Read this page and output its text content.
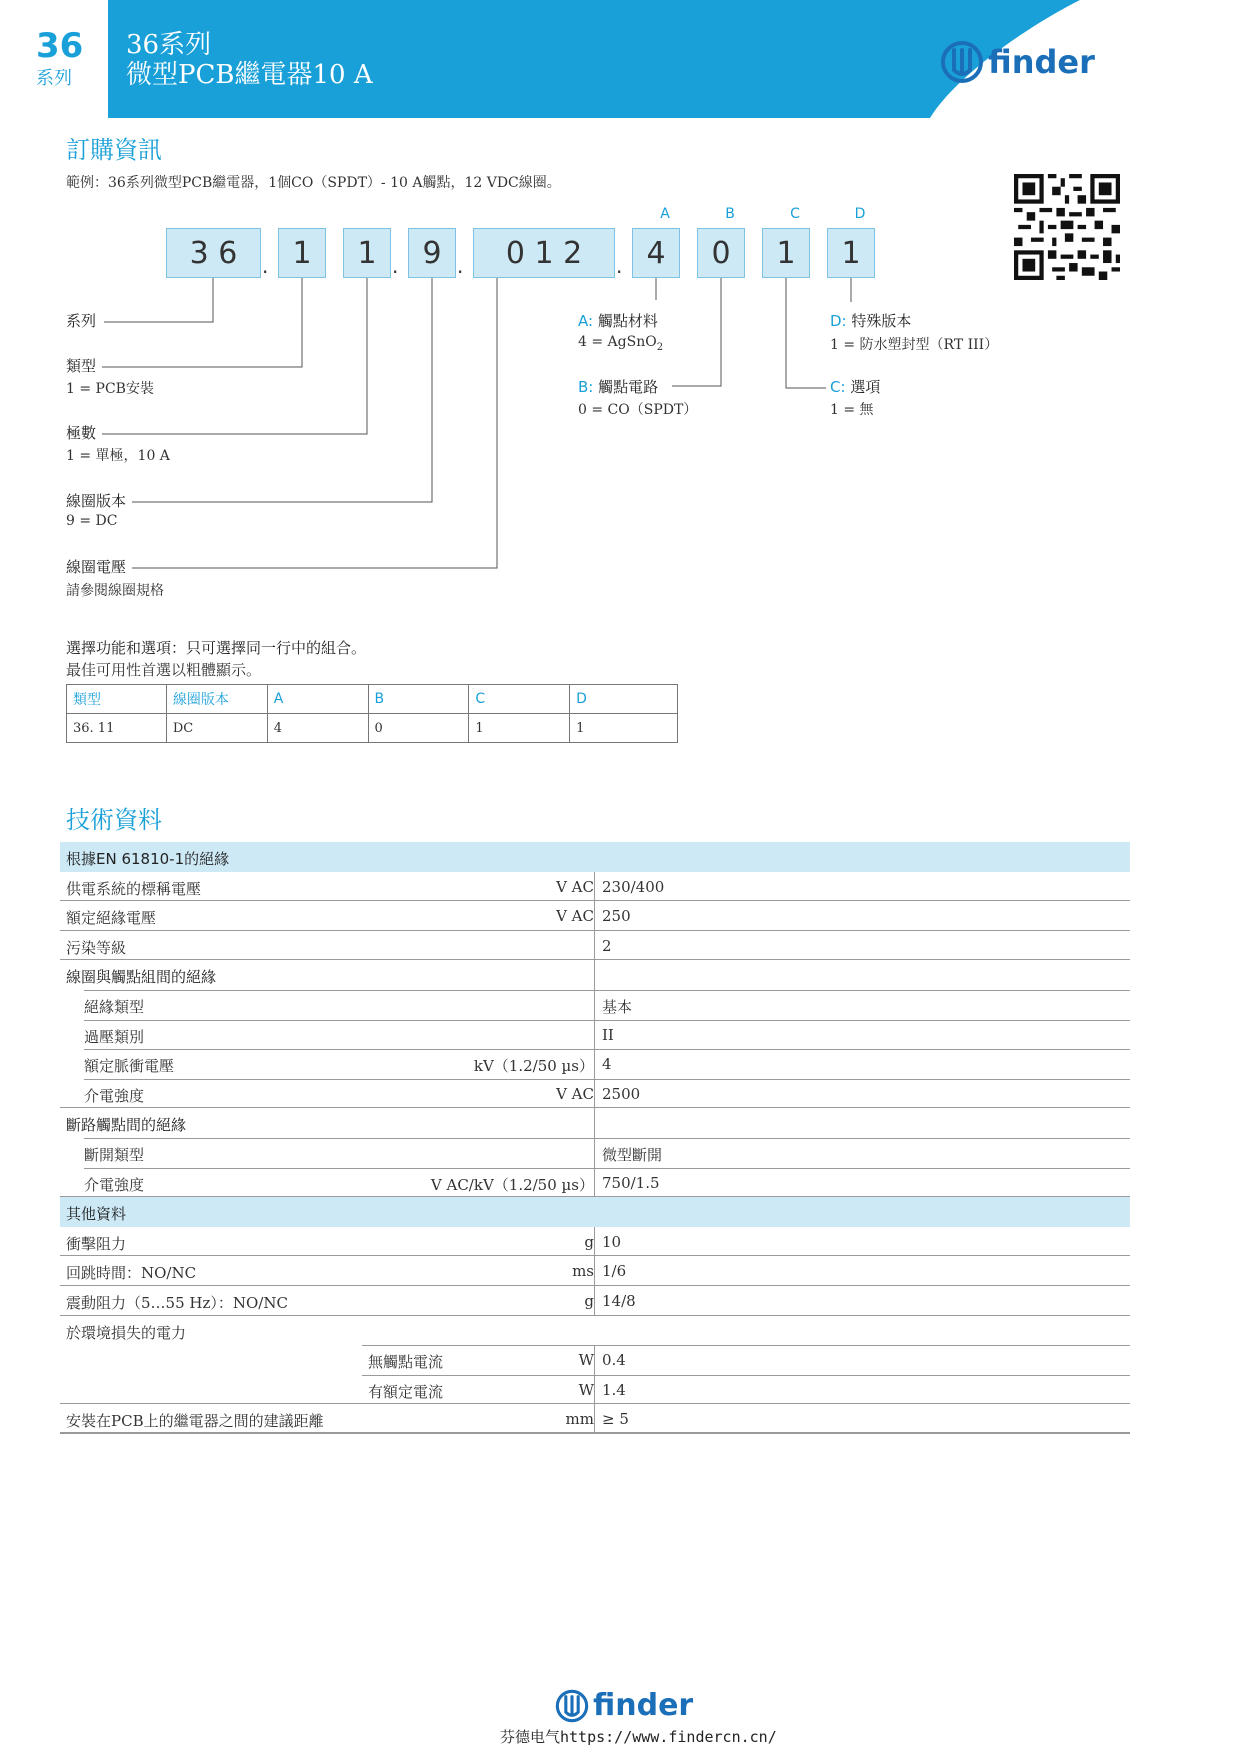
36
系列
36系列
微型PCB繼電器10 A	finder
訂購資訊
範例：36系列微型PCB繼電器，1個CO（SPDT）- 10 A觸點，12 VDC線圈。
A	B	C	D
3 6	. 1	1 . 9 .	0 1 2	. 4	0	1	1
系列
類型
1 = PCB安裝
極數
1 = 單極，10 A
線圈版本
9 = DC
線圈電壓
請參閱線圈規格
A: 觸點材料
4 = AgSnO$_2$
B: 觸點電路
0 = CO（SPDT）
C: 選項
1 = 無
D: 特殊版本
1 = 防水塑封型（RT III）
選擇功能和選項：只可選擇同一行中的組合。
最佳可用性首選以粗體顯示。
類型	線圈版本	A	B	C	D
36. 11	DC	4	0	1	1
技術資料
根據EN 61810-1的絕緣
供電系統的標稱電壓	V AC 230/400
額定絕緣電壓	V AC 250
污染等級	2
線圈與觸點組間的絕緣
絕緣類型	基本
過壓類別	II
額定脈衝電壓	kV（1.2/50 µs） 4
介電強度	V AC 2500
斷路觸點間的絕緣
斷開類型	微型斷開
介電強度	V AC/kV（1.2/50 µs） 750/1.5
其他資料
衝擊阻力	g 10
回跳時間：NO/NC	ms 1/6
震動阻力（5…55 Hz）：NO/NC	g 14/8
於環境損失的電力
無觸點電流	W 0.4
有額定電流	W 1.4
安裝在PCB上的繼電器之間的建議距離	mm ≥ 5
finder
芬德电气https://www.findercn.cn/
